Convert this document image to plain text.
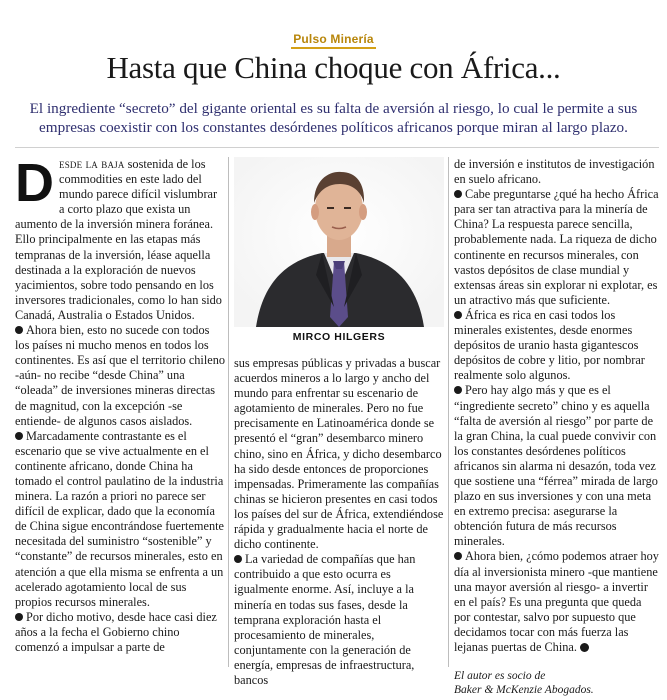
Pulso Minería
Hasta que China choque con África...

El ingrediente “secreto” del gigante oriental es su falta de aversión al riesgo, lo cual le permite a sus empresas coexistir con los constantes desórdenes políticos africanos porque miran al largo plazo.

Desde la baja sostenida de los commodities en este lado del mundo parece difícil vislumbrar a corto plazo que exista un aumento de la inversión minera foránea. Ello principalmente en las etapas más tempranas de la inversión, léase aquella destinada a la exploración de nuevos yacimientos, sobre todo pensando en los inversores tradicionales, como lo han sido Canadá, Australia o Estados Unidos.

Ahora bien, esto no sucede con todos los países ni mucho menos en todos los continentes. Es así que el territorio chileno -aún- no recibe “desde China” una “oleada” de inversiones mineras directas de magnitud, con la excepción -se entiende- de algunos casos aislados.

Marcadamente contrastante es el escenario que se vive actualmente en el continente africano, donde China ha tomado el control paulatino de la industria minera. La razón a priori no parece ser difícil de explicar, dado que la economía de China sigue encontrándose fuertemente necesitada del suministro “sostenible” y “constante” de recursos minerales, esto en atención a que ella misma se enfrenta a un acelerado agotamiento local de sus propios recursos minerales.

Por dicho motivo, desde hace casi diez años a la fecha el Gobierno chino comenzó a impulsar a parte de

MIRCO HILGERS

sus empresas públicas y privadas a buscar acuerdos mineros a lo largo y ancho del mundo para enfrentar su escenario de agotamiento de minerales. Pero no fue precisamente en Latinoamérica donde se presentó el “gran” desembarco minero chino, sino en África, y dicho desembarco ha sido desde entonces de proporciones impensadas. Primeramente las compañías chinas se hicieron presentes en casi todos los países del sur de África, extendiéndose rápida y gradualmente hacia el norte de dicho continente.

La variedad de compañías que han contribuido a que esto ocurra es igualmente enorme. Así, incluye a la minería en todas sus fases, desde la temprana exploración hasta el procesamiento de minerales, conjuntamente con la generación de energía, empresas de infraestructura, bancos

de inversión e institutos de investigación en suelo africano.

Cabe preguntarse ¿qué ha hecho África para ser tan atractiva para la minería de China? La respuesta parece sencilla, probablemente nada. La riqueza de dicho continente en recursos minerales, con vastos depósitos de clase mundial y extensas áreas sin explorar ni explotar, es un atractivo más que suficiente.

África es rica en casi todos los minerales existentes, desde enormes depósitos de uranio hasta gigantescos depósitos de cobre y litio, por nombrar realmente solo algunos.

Pero hay algo más y que es el “ingrediente secreto” chino y es aquella “falta de aversión al riesgo” por parte de la gran China, la cual puede convivir con los constantes desórdenes políticos africanos sin alarma ni desazón, toda vez que sostiene una “férrea” mirada de largo plazo en sus inversiones y con una meta en extremo precisa: asegurarse la obtención futura de más recursos minerales.

Ahora bien, ¿cómo podemos atraer hoy día al inversionista minero -que mantiene una mayor aversión al riesgo- a invertir en el país? Es una pregunta que queda por contestar, salvo por supuesto que decidamos tocar con más fuerza las lejanas puertas de China.

El autor es socio de
Baker & McKenzie Abogados.
